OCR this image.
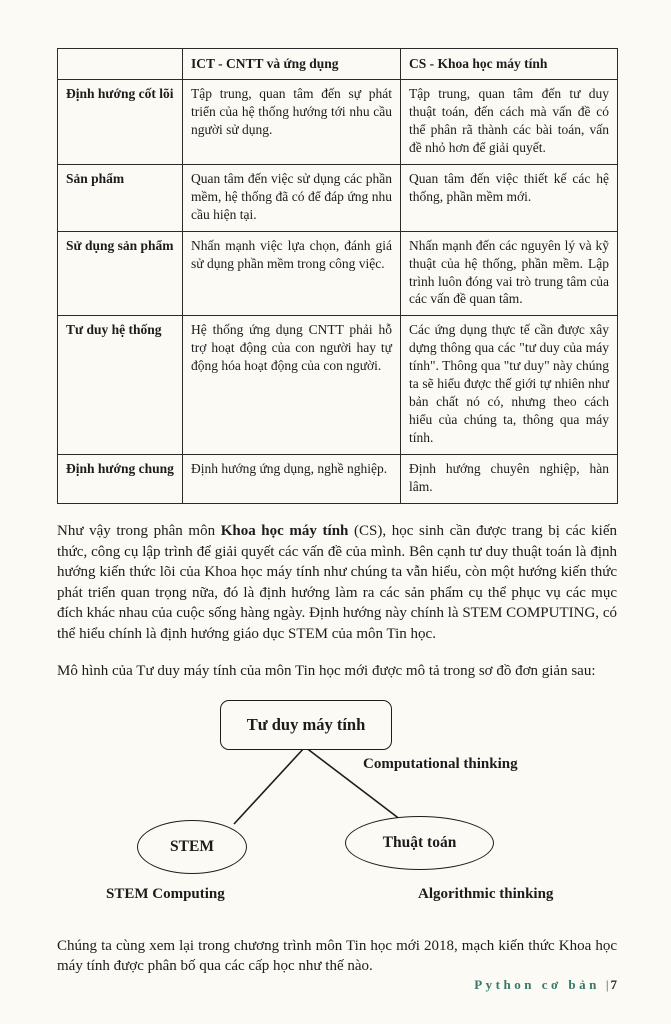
	ICT - CNTT và ứng dụng	CS - Khoa học máy tính
Định hướng cốt lõi	Tập trung, quan tâm đến sự phát triển của hệ thống hướng tới nhu cầu người sử dụng.	Tập trung, quan tâm đến tư duy thuật toán, đến cách mà vấn đề có thể phân rã thành các bài toán, vấn đề nhỏ hơn để giải quyết.
Sản phẩm	Quan tâm đến việc sử dụng các phần mềm, hệ thống đã có để đáp ứng nhu cầu hiện tại.	Quan tâm đến việc thiết kế các hệ thống, phần mềm mới.
Sử dụng sản phẩm	Nhấn mạnh việc lựa chọn, đánh giá sử dụng phần mềm trong công việc.	Nhấn mạnh đến các nguyên lý và kỹ thuật của hệ thống, phần mềm. Lập trình luôn đóng vai trò trung tâm của các vấn đề quan tâm.
Tư duy hệ thống	Hệ thống ứng dụng CNTT phải hỗ trợ hoạt động của con người hay tự động hóa hoạt động của con người.	Các ứng dụng thực tế cần được xây dựng thông qua các "tư duy của máy tính". Thông qua "tư duy" này chúng ta sẽ hiểu được thế giới tự nhiên như bản chất nó có, nhưng theo cách hiểu của chúng ta, thông qua máy tính.
Định hướng chung	Định hướng ứng dụng, nghề nghiệp.	Định hướng chuyên nghiệp, hàn lâm.

Như vậy trong phân môn Khoa học máy tính (CS), học sinh cần được trang bị các kiến thức, công cụ lập trình để giải quyết các vấn đề của mình. Bên cạnh tư duy thuật toán là định hướng kiến thức lõi của Khoa học máy tính như chúng ta vẫn hiểu, còn một hướng kiến thức phát triển quan trọng nữa, đó là định hướng làm ra các sản phẩm cụ thể phục vụ các mục đích khác nhau của cuộc sống hàng ngày. Định hướng này chính là STEM COMPUTING, có thể hiểu chính là định hướng giáo dục STEM của môn Tin học.

Mô hình của Tư duy máy tính của môn Tin học mới được mô tả trong sơ đồ đơn giản sau:

Tư duy máy tính
Computational thinking
STEM	Thuật toán
STEM Computing	Algorithmic thinking

Chúng ta cùng xem lại trong chương trình môn Tin học mới 2018, mạch kiến thức Khoa học máy tính được phân bố qua các cấp học như thế nào.

Python cơ bản | 7
